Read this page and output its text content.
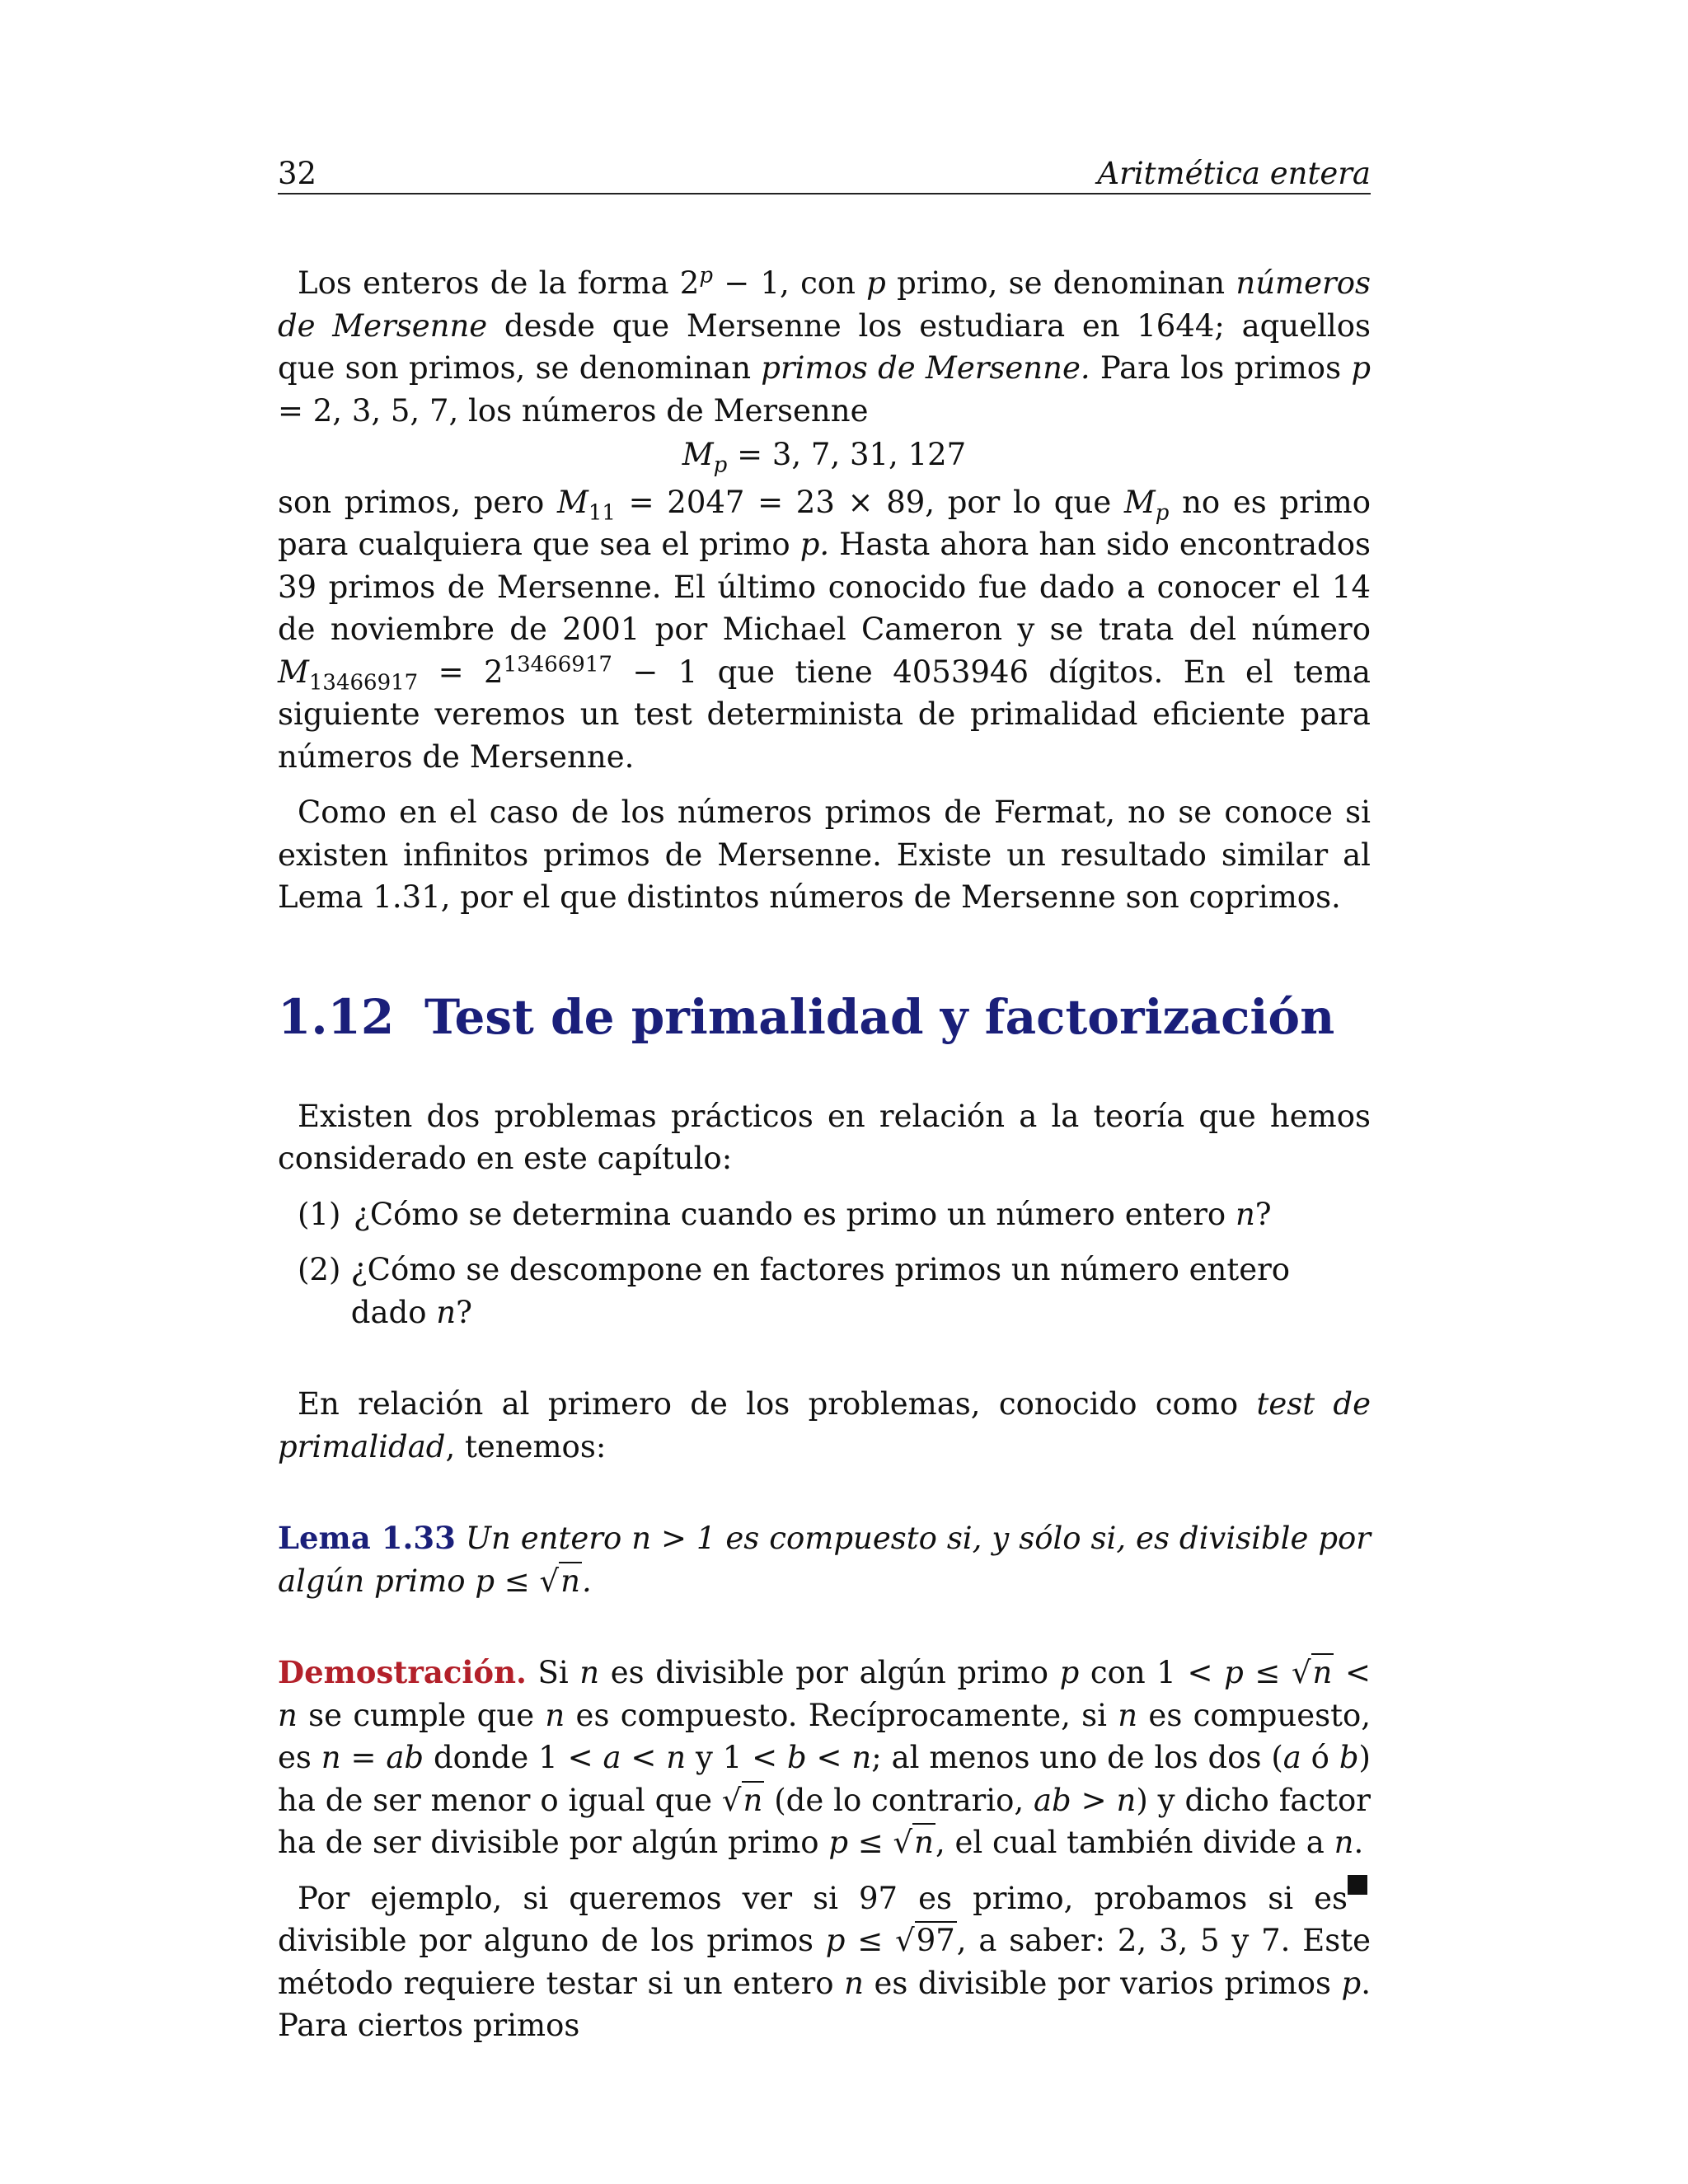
32	Aritmética entera

Los enteros de la forma $2^p - 1$, con p primo, se denominan números de Mersenne desde que Mersenne los estudiara en 1644; aquellos que son primos, se denominan primos de Mersenne. Para los primos p = 2, 3, 5, 7, los números de Mersenne

$M_p = 3$, 7, 31, 127

son primos, pero $M_{11} = 2047 = 23 \times 89$, por lo que $M_p$ no es primo para cualquiera que sea el primo p. Hasta ahora han sido encontrados 39 primos de Mersenne. El último conocido fue dado a conocer el 14 de noviembre de 2001 por Michael Cameron y se trata del número $M_{13466917} = 2^{13466917} - 1$ que tiene 4053946 dígitos. En el tema siguiente veremos un test determinista de primalidad eficiente para números de Mersenne.

Como en el caso de los números primos de Fermat, no se conoce si existen infinitos primos de Mersenne. Existe un resultado similar al Lema 1.31, por el que distintos números de Mersenne son coprimos.

1.12 Test de primalidad y factorización

Existen dos problemas prácticos en relación a la teoría que hemos considerado en este capítulo:

(1) ¿Cómo se determina cuando es primo un número entero n?
(2) ¿Cómo se descompone en factores primos un número entero dado n?

En relación al primero de los problemas, conocido como test de primalidad, tenemos:

Lema 1.33 Un entero n > 1 es compuesto si, y sólo si, es divisible por algún primo p ≤ √n.

Demostración. Si n es divisible por algún primo p con 1 < p ≤ √n < n se cumple que n es compuesto. Recíprocamente, si n es compuesto, es n = ab donde 1 < a < n y 1 < b < n; al menos uno de los dos (a ó b) ha de ser menor o igual que √n (de lo contrario, ab > n) y dicho factor ha de ser divisible por algún primo p ≤ √n, el cual también divide a n.

Por ejemplo, si queremos ver si 97 es primo, probamos si es divisible por alguno de los primos p ≤ √97, a saber: 2, 3, 5 y 7. Este método requiere testar si un entero n es divisible por varios primos p. Para ciertos primos
